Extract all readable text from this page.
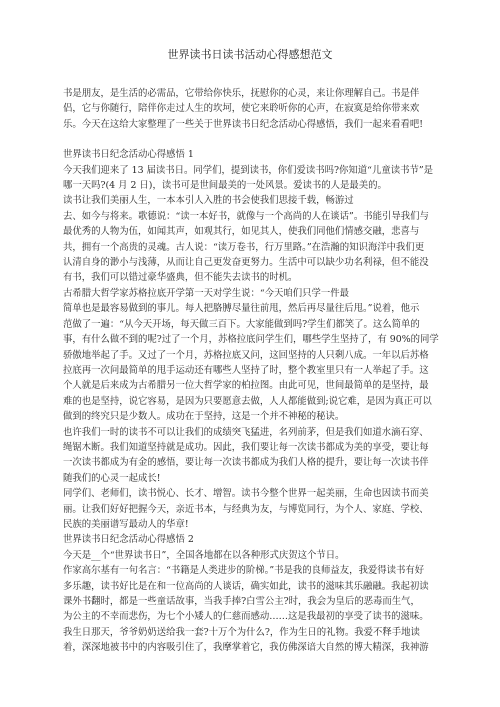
世界读书日读书活动心得感想范文
书是朋友，是生活的必需品，它带给你快乐，抚慰你的心灵，来让你理解自己。书是伴
侣，它与你随行，陪伴你走过人生的坎坷，使它来聆听你的心声，在寂寞是给你带来欢
乐。今天在这给大家整理了一些关于世界读书日纪念活动心得感悟，我们一起来看看吧!
世界读书日纪念活动心得感悟 1
今天我们迎来了 13 届读书日。同学们，提到读书，你们爱读书吗?你知道“儿童读书节”是
哪一天吗?(4 月 2 日)，读书可是世间最美的一处风景。爱读书的人是最美的。
读书让我们美丽人生，一本本引人入胜的书会使我们思接千载，畅游过
去、如今与将来。歌德说：“读一本好书，就像与一个高尚的人在谈话”。书能引导我们与
最优秀的人物为伍，如闻其声，如观其行，如见其人，使我们同他们情感交融，悲喜与
共，拥有一个高贵的灵魂。古人说：“读万卷书，行万里路。”在浩瀚的知识海洋中我们更
认清自身的渺小与浅薄，从而让自己更发奋更努力。生活中可以缺少功名利禄，但不能没
有书，我们可以错过豪华盛典，但不能失去读书的时机。
古希腊大哲学家苏格拉底开学第一天对学生说：“今天咱们只学一件最
简单也是最容易做到的事儿。每人把胳膊尽量往前甩，然后再尽量往后甩。”说着，他示
范做了一遍：“从今天开场，每天做三百下。大家能做到吗?学生们都笑了。这么简单的
事，有什么做不到的呢?过了一个月，苏格拉底问学生们，哪些学生坚持了，有 90%的同学
骄傲地举起了手。又过了一个月，苏格拉底又问，这回坚持的人只剩八成。一年以后苏格
拉底再一次问最简单的甩手运动还有哪些人坚持了时，整个教室里只有一人举起了手。这
个人就是后来成为古希腊另一位大哲学家的柏拉图。由此可见，世间最简单的是坚持，最
难的也是坚持，说它容易，是因为只要愿意去做，人人都能做到;说它难，是因为真正可以
做到的终究只是少数人。成功在于坚持，这是一个并不神秘的秘诀。
也许我们一时的读书不可以让我们的成绩突飞猛进，名列前茅，但是我们如道水滴石穿、
绳锯木断。我们知道坚持就是成功。因此，我们要让每一次读书都成为美的享受，要让每
一次读书都成为有金的感悟，要让每一次读书都成为我们人格的提升，要让每一次读书伴
随我们的心灵一起成长!
同学们、老师们，读书悦心、长才、增智。读书今整个世界一起美丽，生命也因读书而美
丽。让我们好好把握今天，亲近书本，与经典为友，与博览同行，为个人、家庭、学校、
民族的美丽谱写最动人的华章!
世界读书日纪念活动心得感悟 2
今天是__个“世界读书日”，全国各地都在以各种形式庆贺这个节日。
作家高尔基有一句名言：“书籍是人类进步的阶梯。”书是我的良师益友，我爱得读书有好
多乐趣，读书好比是在和一位高尚的人谈话，确实如此，读书的滋味其乐融融。我起初读
课外书翻时，都是一些童话故事，当我手捧?白雪公主?时，我会为皇后的恶毒而生气，
为公主的不幸而悲伤，为七个小矮人的仁慈而感动……这是我最初的享受了读书的滋味。
我生日那天，爷爷奶奶送给我一套?十万个为什么?，作为生日的礼物。我爱不释手地读
着，深深地被书中的内容吸引住了，我摩掌着它，我仿佛深谙大自然的博大精深，我神游
